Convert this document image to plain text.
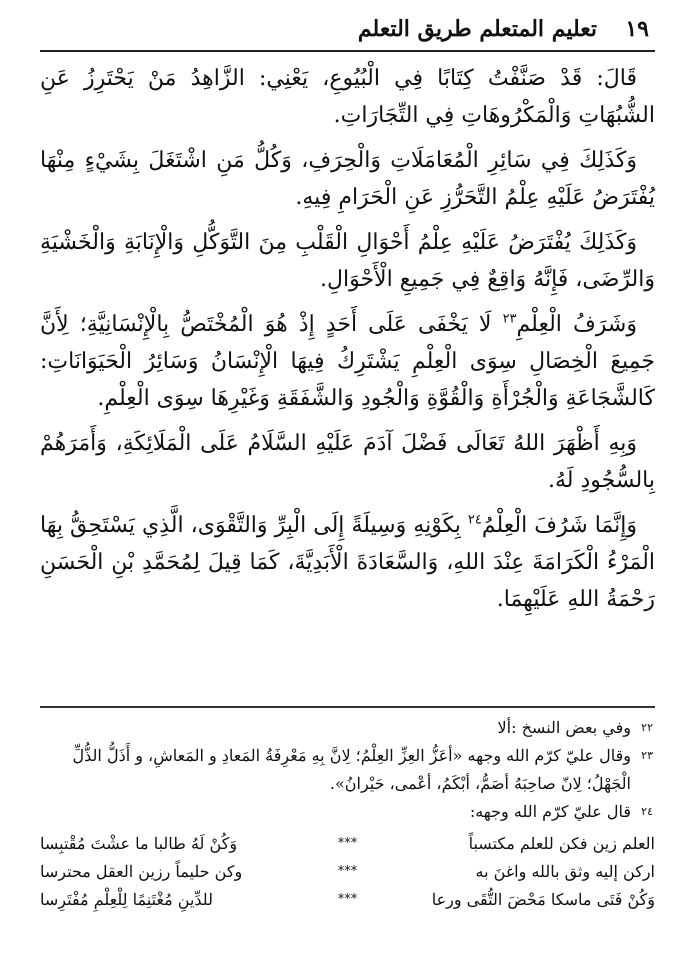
١٩
تعليم المتعلم طريق التعلم

قَالَ: قَدْ صَنَّفْتُ كِتَابًا فِي الْبُيُوعِ، يَعْنِي: الزَّاهِدُ مَنْ يَحْتَرِزُ عَنِ الشُّبُهَاتِ وَالْمَكْرُوهَاتِ فِي التِّجَارَاتِ.

وَكَذَلِكَ فِي سَائِرِ الْمُعَامَلَاتِ وَالْحِرَفِ، وَكُلُّ مَنِ اشْتَغَلَ بِشَيْءٍ مِنْهَا يُفْتَرَضُ عَلَيْهِ عِلْمُ التَّحَرُّزِ عَنِ الْحَرَامِ فِيهِ.

وَكَذَلِكَ يُفْتَرَضُ عَلَيْهِ عِلْمُ أَحْوَالِ الْقَلْبِ مِنَ التَّوَكُّلِ وَالْإِنَابَةِ وَالْخَشْيَةِ وَالرِّضَى، فَإِنَّهُ وَاقِعٌ فِي جَمِيعِ الْأَحْوَالِ.

وَشَرَفُ الْعِلْمِ$^{٢٣}$ لَا يَخْفَى عَلَى أَحَدٍ إِذْ هُوَ الْمُخْتَصُّ بِالْإِنْسَانِيَّةِ؛ لِأَنَّ جَمِيعَ الْخِصَالِ سِوَى الْعِلْمِ يَشْتَرِكُ فِيهَا الْإِنْسَانُ وَسَائِرُ الْحَيَوَانَاتِ: كَالشَّجَاعَةِ وَالْجُرْأَةِ وَالْقُوَّةِ وَالْجُودِ وَالشَّفَقَةِ وَغَيْرِهَا سِوَى الْعِلْمِ.

وَبِهِ أَظْهَرَ اللهُ تَعَالَى فَضْلَ آدَمَ عَلَيْهِ السَّلَامُ عَلَى الْمَلَائِكَةِ، وَأَمَرَهُمْ بِالسُّجُودِ لَهُ.

وَإِنَّمَا شَرُفَ الْعِلْمُ$^{٢٤}$ بِكَوْنِهِ وَسِيلَةً إِلَى الْبِرِّ وَالتَّقْوَى، الَّذِي يَسْتَحِقُّ بِهَا الْمَرْءُ الْكَرَامَةَ عِنْدَ اللهِ، وَالسَّعَادَةَ الْأَبَدِيَّةَ، كَمَا قِيلَ لِمُحَمَّدِ بْنِ الْحَسَنِ رَحْمَةُ اللهِ عَلَيْهِمَا.

٢٢
وفي بعض النسخ :ألا
٢٣
وقال عليّ كرّم الله وجهه «أعَزُّ العِزِّ العِلْمُ؛ لِانَّ بِهِ مَعْرِفَةُ المَعادِ و المَعاشِ، و أَذَلُّ الذُّلِّ الْجَهْلُ؛ لِانّ صاحِبَهُ أصَمُّ، أبْكَمُ، أعْمى، حَيْرانُ».
٢٤
قال عليّ كرّم الله وجهه:
العلم زين فكن للعلم مكتسباً
***
وَكُنْ لَهُ طالبا ما عشْتَ مُقْتبِسا
اركن إليه وثق بالله واغنَ به
***
وكن حليماً رزين العقل محترسا
وَكُنْ فَتَى ماسكا مَحْضَ التُّقَى ورعا
***
للدِّينِ مُغْتَنِمًا لِلْعِلْمِ مُفْتَرِسا
